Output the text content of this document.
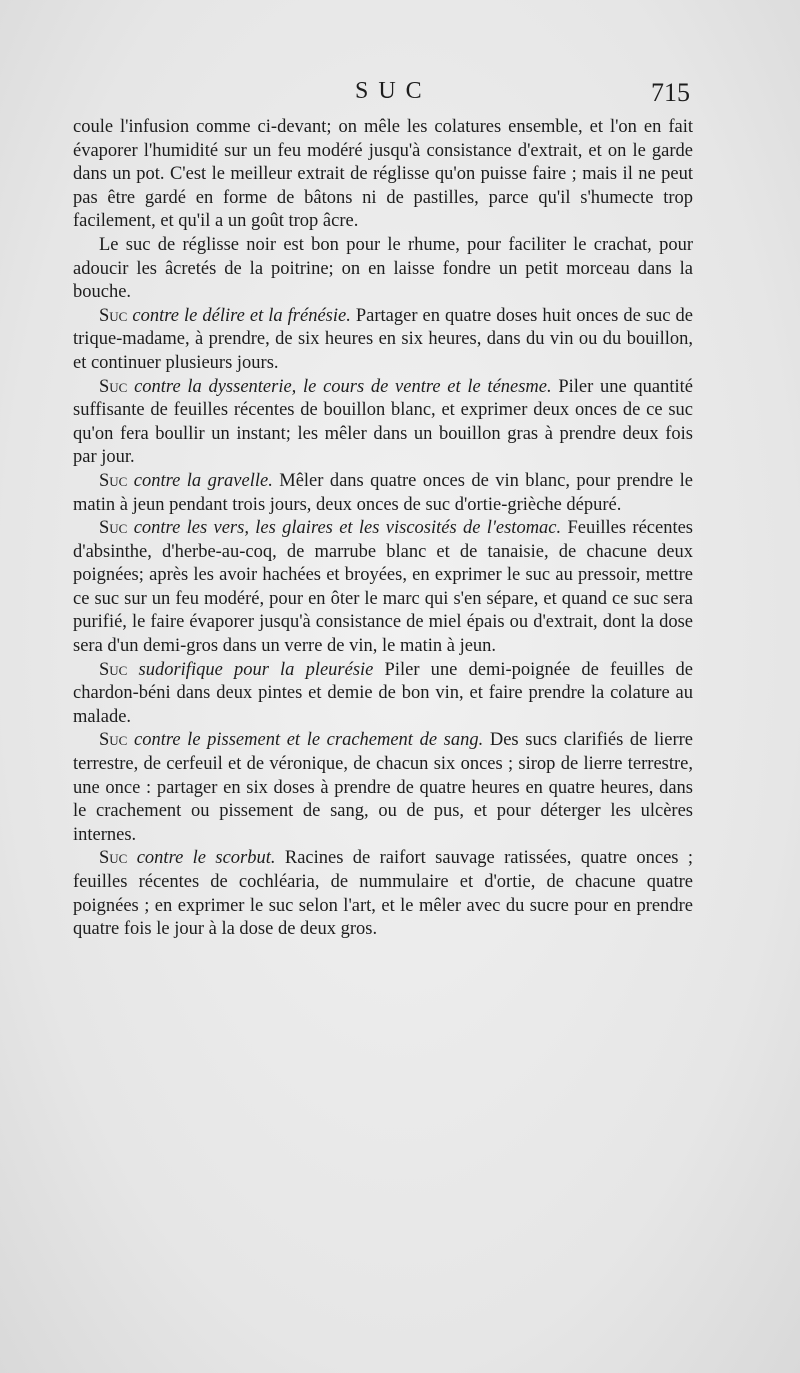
SUC	715

coule l'infusion comme ci-devant; on mêle les colatures ensemble, et l'on en fait évaporer l'humidité sur un feu modéré jusqu'à consistance d'extrait, et on le garde dans un pot. C'est le meilleur extrait de réglisse qu'on puisse faire ; mais il ne peut pas être gardé en forme de bâtons ni de pastilles, parce qu'il s'humecte trop facilement, et qu'il a un goût trop âcre.

Le suc de réglisse noir est bon pour le rhume, pour faciliter le crachat, pour adoucir les âcretés de la poitrine; on en laisse fondre un petit morceau dans la bouche.

Suc contre le délire et la frénésie. Partager en quatre doses huit onces de suc de trique-madame, à prendre, de six heures en six heures, dans du vin ou du bouillon, et continuer plusieurs jours.

Suc contre la dyssenterie, le cours de ventre et le ténesme. Piler une quantité suffisante de feuilles récentes de bouillon blanc, et exprimer deux onces de ce suc qu'on fera boullir un instant; les mêler dans un bouillon gras à prendre deux fois par jour.

Suc contre la gravelle. Mêler dans quatre onces de vin blanc, pour prendre le matin à jeun pendant trois jours, deux onces de suc d'ortie-grièche dépuré.

Suc contre les vers, les glaires et les viscosités de l'estomac. Feuilles récentes d'absinthe, d'herbe-au-coq, de marrube blanc et de tanaisie, de chacune deux poignées; après les avoir hachées et broyées, en exprimer le suc au pressoir, mettre ce suc sur un feu modéré, pour en ôter le marc qui s'en sépare, et quand ce suc sera purifié, le faire évaporer jusqu'à consistance de miel épais ou d'extrait, dont la dose sera d'un demi-gros dans un verre de vin, le matin à jeun.

Suc sudorifique pour la pleurésie Piler une demi-poignée de feuilles de chardon-béni dans deux pintes et demie de bon vin, et faire prendre la colature au malade.

Suc contre le pissement et le crachement de sang. Des sucs clarifiés de lierre terrestre, de cerfeuil et de véronique, de chacun six onces ; sirop de lierre terrestre, une once : partager en six doses à prendre de quatre heures en quatre heures, dans le crachement ou pissement de sang, ou de pus, et pour déterger les ulcères internes.

Suc contre le scorbut. Racines de raifort sauvage ratissées, quatre onces ; feuilles récentes de cochléaria, de nummulaire et d'ortie, de chacune quatre poignées ; en exprimer le suc selon l'art, et le mêler avec du sucre pour en prendre quatre fois le jour à la dose de deux gros.
